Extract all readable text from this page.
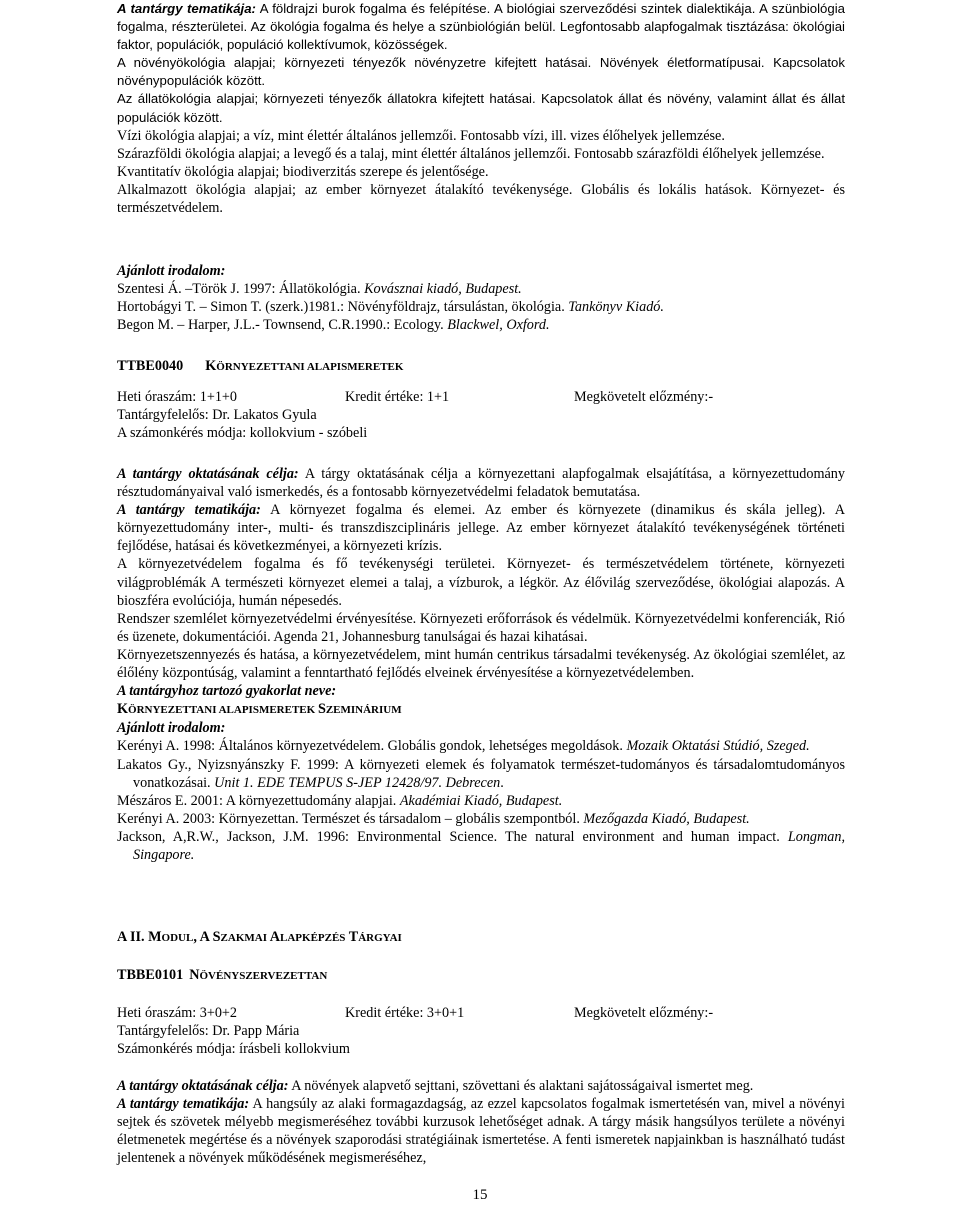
A tantárgy tematikája: A földrajzi burok fogalma és felépítése. A biológiai szerveződési szintek dialektikája. A szünbiológia fogalma, részterületei. Az ökológia fogalma és helye a szünbiológián belül. Legfontosabb alapfogalmak tisztázása: ökológiai faktor, populációk, populáció kollektívumok, közösségek.

A növényökológia alapjai; környezeti tényezők növényzetre kifejtett hatásai. Növények életformatípusai. Kapcsolatok növénypopulációk között.

Az állatökológia alapjai; környezeti tényezők állatokra kifejtett hatásai. Kapcsolatok állat és növény, valamint állat és állat populációk között.

Vízi ökológia alapjai; a víz, mint élettér általános jellemzői. Fontosabb vízi, ill. vizes élőhelyek jellemzése.

Szárazföldi ökológia alapjai; a levegő és a talaj, mint élettér általános jellemzői. Fontosabb szárazföldi élőhelyek jellemzése.

Kvantitatív ökológia alapjai; biodiverzitás szerepe és jelentősége.

Alkalmazott ökológia alapjai; az ember környezet átalakító tevékenysége. Globális és lokális hatások. Környezet- és természetvédelem.

Ajánlott irodalom:

Szentesi Á. –Török J. 1997: Állatökológia. Kovásznai kiadó, Budapest.

Hortobágyi T. – Simon T. (szerk.)1981.: Növényföldrajz, társulástan, ökológia. Tankönyv Kiadó.

Begon M. – Harper, J.L.- Townsend, C.R.1990.: Ecology. Blackwel, Oxford.

TTBE0040 KÖRNYEZETTANI ALAPISMERETEK
Heti óraszám: 1+1+0	Kredit értéke: 1+1	Megkövetelt előzmény:-
Tantárgyfelelős: Dr. Lakatos Gyula
A számonkérés módja: kollokvium - szóbeli

A tantárgy oktatásának célja: A tárgy oktatásának célja a környezettani alapfogalmak elsajátítása, a környezettudomány résztudományaival való ismerkedés, és a fontosabb környezetvédelmi feladatok bemutatása.

A tantárgy tematikája: A környezet fogalma és elemei. Az ember és környezete (dinamikus és skála jelleg). A környezettudomány inter-, multi- és transzdiszciplináris jellege. Az ember környezet átalakító tevékenységének történeti fejlődése, hatásai és következményei, a környezeti krízis.

A környezetvédelem fogalma és fő tevékenységi területei. Környezet- és természetvédelem története, környezeti világproblémák A természeti környezet elemei a talaj, a vízburok, a légkör. Az élővilág szerveződése, ökológiai alapozás. A bioszféra evolúciója, humán népesedés.

Rendszer szemlélet környezetvédelmi érvényesítése. Környezeti erőforrások és védelmük. Környezetvédelmi konferenciák, Rió és üzenete, dokumentációi. Agenda 21, Johannesburg tanulságai és hazai kihatásai.

Környezetszennyezés és hatása, a környezetvédelem, mint humán centrikus társadalmi tevékenység. Az ökológiai szemlélet, az élőlény központúság, valamint a fenntartható fejlődés elveinek érvényesítése a környezetvédelemben.

A tantárgyhoz tartozó gyakorlat neve:

KÖRNYEZETTANI ALAPISMERETEK SZEMINÁRIUM

Ajánlott irodalom:

Kerényi A. 1998: Általános környezetvédelem. Globális gondok, lehetséges megoldások. Mozaik Oktatási Stúdió, Szeged.

Lakatos Gy., Nyizsnyánszky F. 1999: A környezeti elemek és folyamatok természet-tudományos és társadalomtudományos vonatkozásai. Unit 1. EDE TEMPUS S-JEP 12428/97. Debrecen.

Mészáros E. 2001: A környezettudomány alapjai. Akadémiai Kiadó, Budapest.

Kerényi A. 2003: Környezettan. Természet és társadalom – globális szempontból. Mezőgazda Kiadó, Budapest.

Jackson, A,R.W., Jackson, J.M. 1996: Environmental Science. The natural environment and human impact. Longman, Singapore.

15
A II. MODUL, A SZAKMAI ALAPKÉPZÉS TÁRGYAI
TBBE0101 NÖVÉNYSZERVEZETTAN
Heti óraszám: 3+0+2	Kredit értéke: 3+0+1	Megkövetelt előzmény:-
Tantárgyfelelős: Dr. Papp Mária
Számonkérés módja: írásbeli kollokvium

A tantárgy oktatásának célja: A növények alapvető sejttani, szövettani és alaktani sajátosságaival ismertet meg.

A tantárgy tematikája: A hangsúly az alaki formagazdagság, az ezzel kapcsolatos fogalmak ismertetésén van, mivel a növényi sejtek és szövetek mélyebb megismeréséhez további kurzusok lehetőséget adnak. A tárgy másik hangsúlyos területe a növényi életmenetek megértése és a növények szaporodási stratégiáinak ismertetése. A fenti ismeretek napjainkban is használható tudást jelentenek a növények működésének megismeréséhez,
